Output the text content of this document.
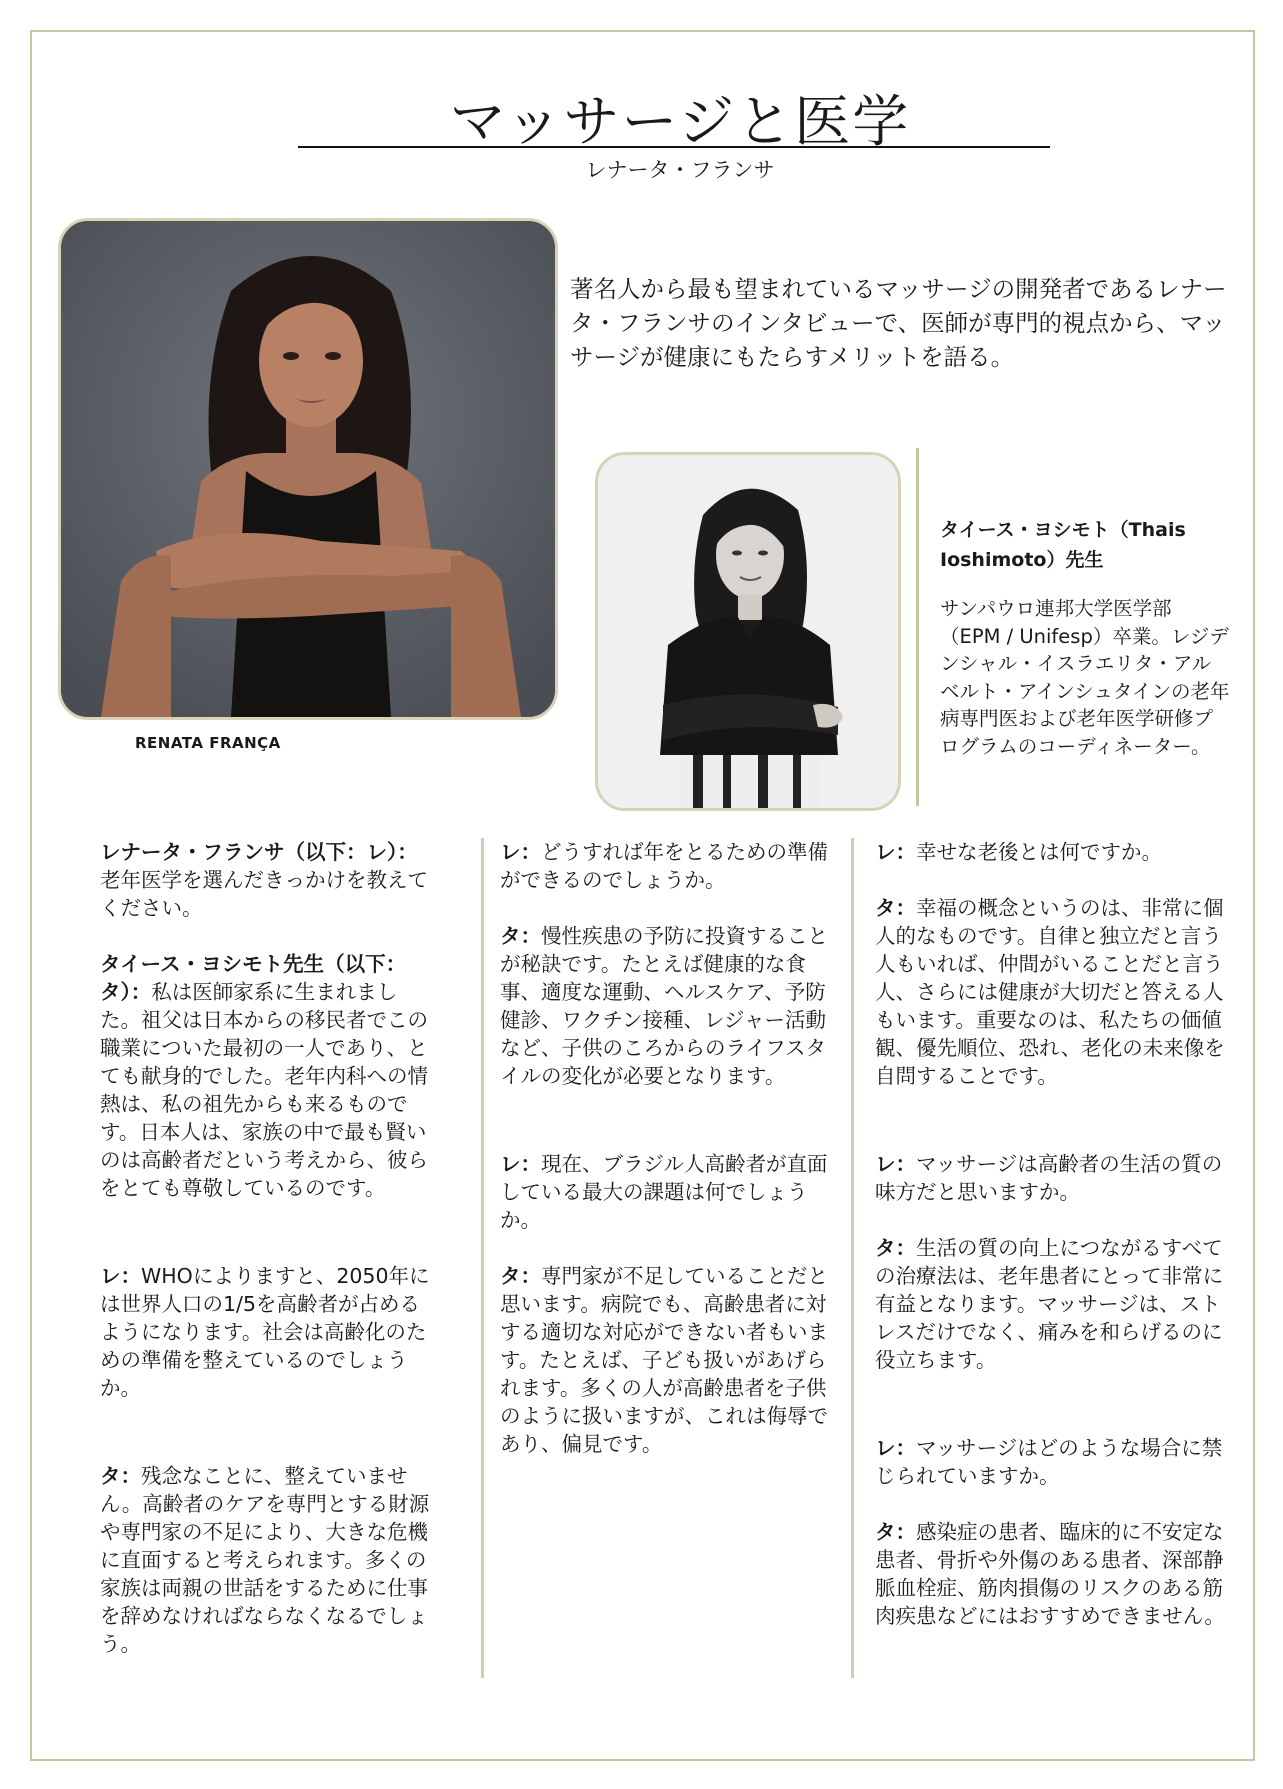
マッサージと医学
レナータ・フランサ
RENATA FRANÇA
著名人から最も望まれているマッサージの開発者であるレナータ・フランサのインタビューで、医師が専門的視点から、マッサージが健康にもたらすメリットを語る。
タイース・ヨシモト（Thais Ioshimoto）先生
サンパウロ連邦大学医学部（EPM / Unifesp）卒業。レジデンシャル・イスラエリタ・アルベルト・アインシュタインの老年病専門医および老年医学研修プログラムのコーディネーター。

レナータ・フランサ（以下：レ）：老年医学を選んだきっかけを教えてください。

タイース・ヨシモト先生（以下：タ）：私は医師家系に生まれました。祖父は日本からの移民者でこの職業についた最初の一人であり、とても献身的でした。老年内科への情熱は、私の祖先からも来るものです。日本人は、家族の中で最も賢いのは高齢者だという考えから、彼らをとても尊敬しているのです。

レ：WHOによりますと、2050年には世界人口の1/5を高齢者が占めるようになります。社会は高齢化のための準備を整えているのでしょうか。

タ：残念なことに、整えていません。高齢者のケアを専門とする財源や専門家の不足により、大きな危機に直面すると考えられます。多くの家族は両親の世話をするために仕事を辞めなければならなくなるでしょう。

レ：どうすれば年をとるための準備ができるのでしょうか。

タ：慢性疾患の予防に投資することが秘訣です。たとえば健康的な食事、適度な運動、ヘルスケア、予防健診、ワクチン接種、レジャー活動など、子供のころからのライフスタイルの変化が必要となります。

レ：現在、ブラジル人高齢者が直面している最大の課題は何でしょうか。

タ：専門家が不足していることだと思います。病院でも、高齢患者に対する適切な対応ができない者もいます。たとえば、子ども扱いがあげられます。多くの人が高齢患者を子供のように扱いますが、これは侮辱であり、偏見です。

レ：幸せな老後とは何ですか。

タ：幸福の概念というのは、非常に個人的なものです。自律と独立だと言う人もいれば、仲間がいることだと言う人、さらには健康が大切だと答える人もいます。重要なのは、私たちの価値観、優先順位、恐れ、老化の未来像を自問することです。

レ：マッサージは高齢者の生活の質の味方だと思いますか。

タ：生活の質の向上につながるすべての治療法は、老年患者にとって非常に有益となります。マッサージは、ストレスだけでなく、痛みを和らげるのに役立ちます。

レ：マッサージはどのような場合に禁じられていますか。

タ：感染症の患者、臨床的に不安定な患者、骨折や外傷のある患者、深部静脈血栓症、筋肉損傷のリスクのある筋肉疾患などにはおすすめできません。
